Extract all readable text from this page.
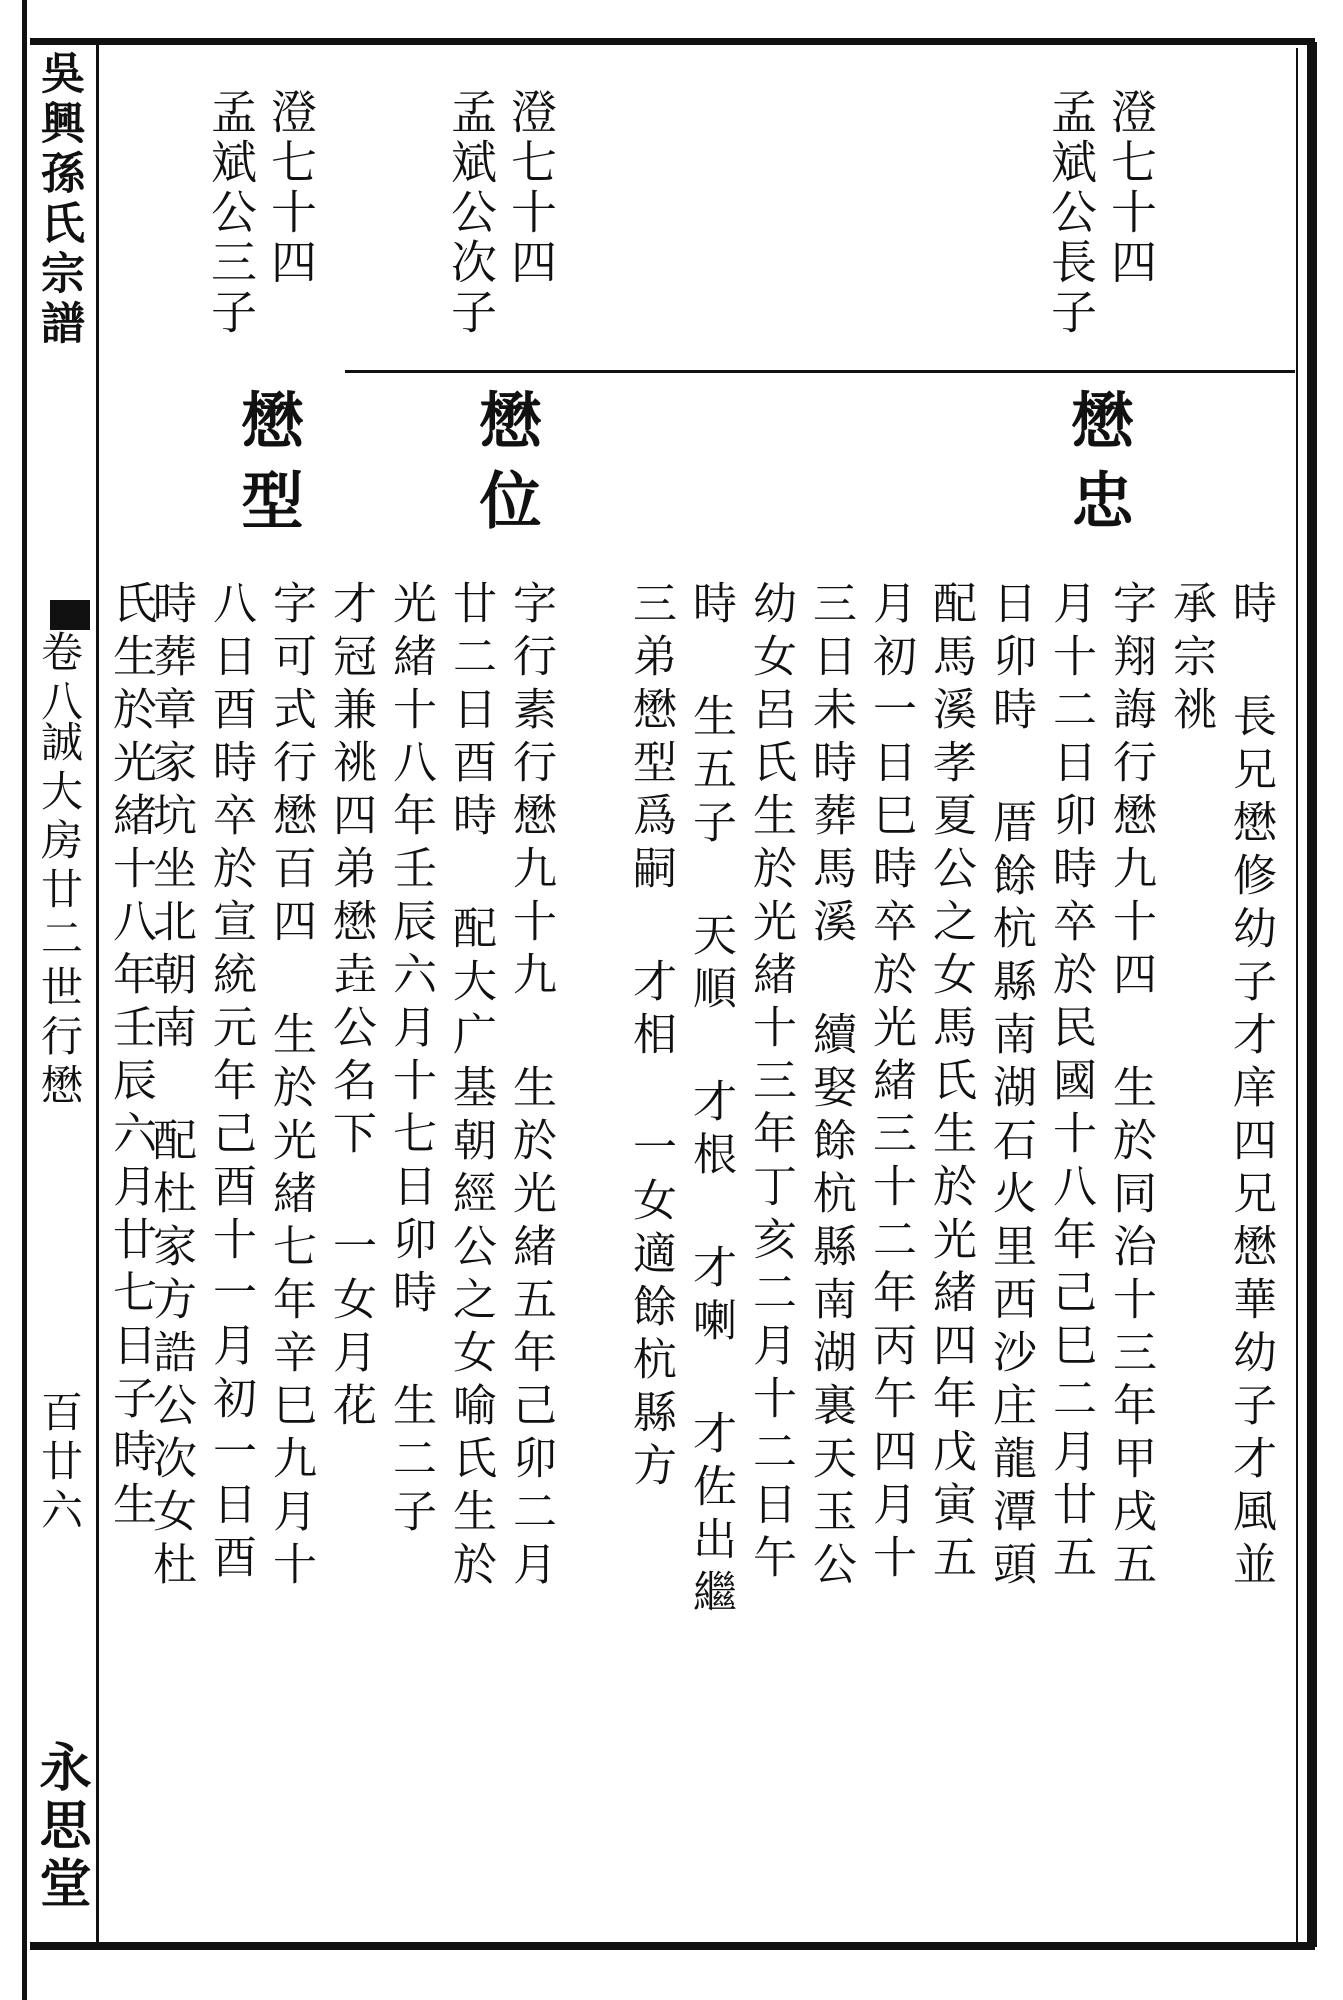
吳興孫氏宗譜
卷八
誠大房廿二世行懋
百廿六
永思堂
澄七十四
孟斌公長子
懋忠
時 長兄懋修幼子才庠四兄懋華幼子才風並
承宗祧
字翔誨行懋九十四 生於同治十三年甲戌五
月十二日卯時卒於民國十八年己巳二月廿五
日卯時 厝餘杭縣南湖石火里西沙庄龍潭頭
配馬溪孝夏公之女馬氏生於光緒四年戊寅五
月初一日巳時卒於光緒三十二年丙午四月十
三日未時葬馬溪 續娶餘杭縣南湖裏天玉公
幼女呂氏生於光緒十三年丁亥二月十二日午
時 生五子 天順 才根 才喇 才佐出繼
三弟懋型爲嗣 才相 一女適餘杭縣方
澄七十四
孟斌公次子
懋位
字行素行懋九十九 生於光緒五年己卯二月
廿二日酉時 配大广基朝經公之女喻氏生於
光緒十八年壬辰六月十七日卯時 生二子
才冠兼祧四弟懋垚公名下 一女月花
澄七十四
孟斌公三子
懋型
字可式行懋百四 生於光緒七年辛巳九月十
八日酉時卒於宣統元年己酉十一月初一日酉
時葬章家坑坐北朝南 配杜家方誥公次女杜
氏生於光緒十八年壬辰六月廿七日子時生
